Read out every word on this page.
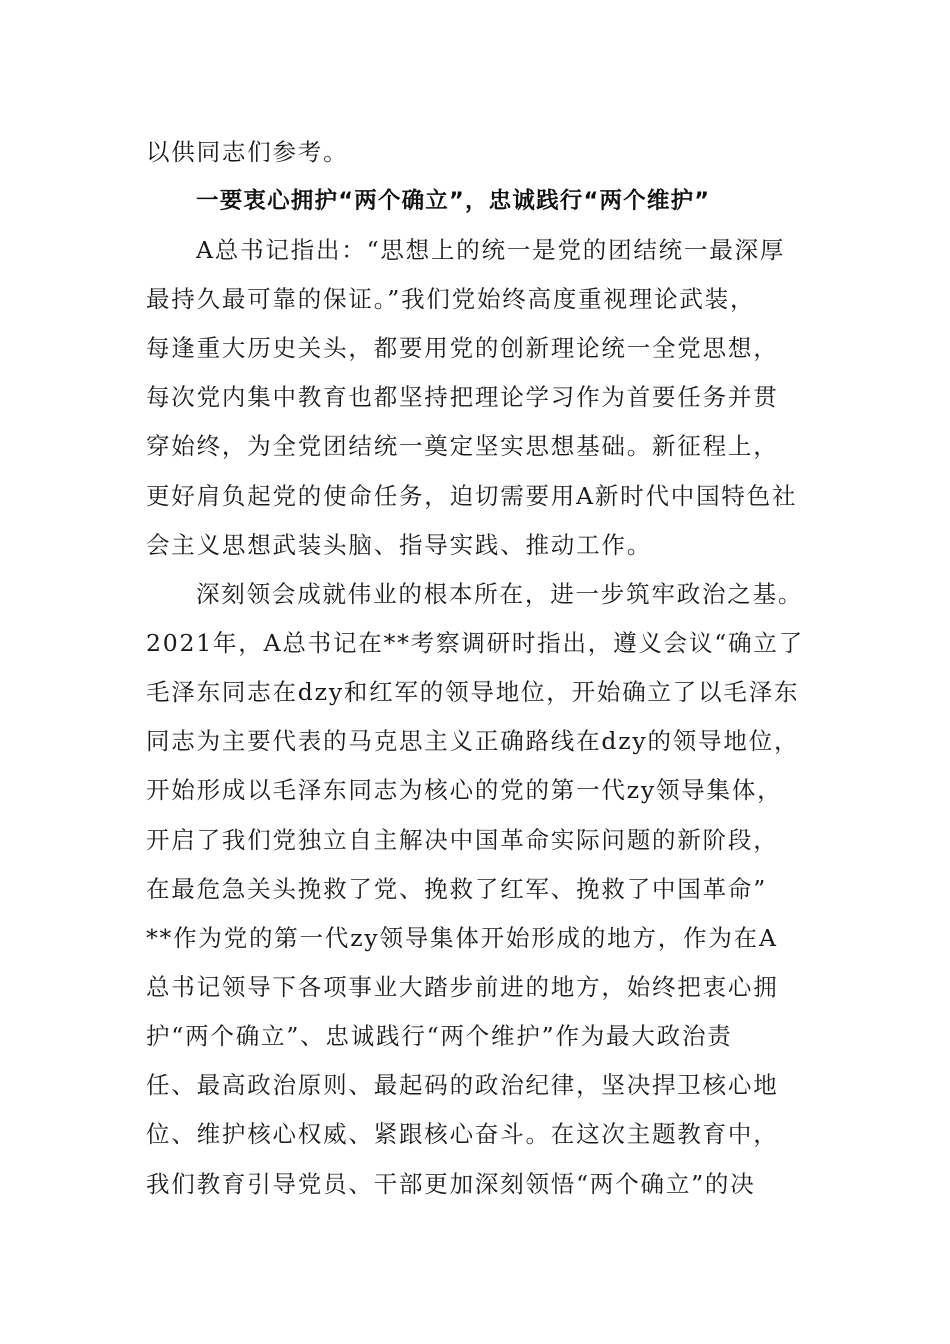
以供同志们参考。
一要衷心拥护“两个确立”，忠诚践行“两个维护”
A总书记指出：“思想上的统一是党的团结统一最深厚
最持久最可靠的保证。”我们党始终高度重视理论武装，
每逢重大历史关头，都要用党的创新理论统一全党思想，
每次党内集中教育也都坚持把理论学习作为首要任务并贯
穿始终，为全党团结统一奠定坚实思想基础。新征程上，
更好肩负起党的使命任务，迫切需要用A新时代中国特色社
会主义思想武装头脑、指导实践、推动工作。
深刻领会成就伟业的根本所在，进一步筑牢政治之基。
2021年，A总书记在**考察调研时指出，遵义会议“确立了
毛泽东同志在dzy和红军的领导地位，开始确立了以毛泽东
同志为主要代表的马克思主义正确路线在dzy的领导地位，
开始形成以毛泽东同志为核心的党的第一代zy领导集体，
开启了我们党独立自主解决中国革命实际问题的新阶段，
在最危急关头挽救了党、挽救了红军、挽救了中国革命”
**作为党的第一代zy领导集体开始形成的地方，作为在A
总书记领导下各项事业大踏步前进的地方，始终把衷心拥
护“两个确立”、忠诚践行“两个维护”作为最大政治责
任、最高政治原则、最起码的政治纪律，坚决捍卫核心地
位、维护核心权威、紧跟核心奋斗。在这次主题教育中，
我们教育引导党员、干部更加深刻领悟“两个确立”的决
